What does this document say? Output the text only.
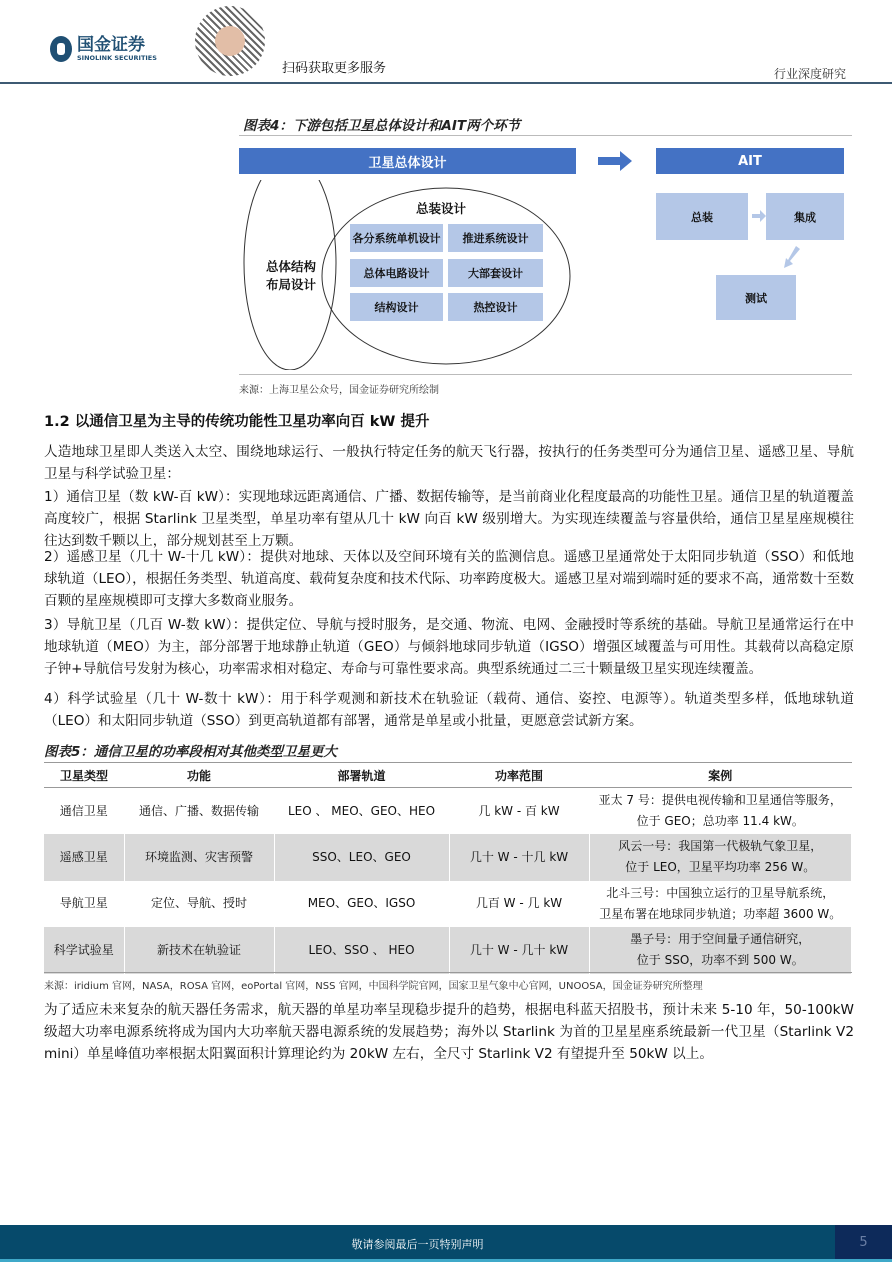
国金证券
SINOLINK SECURITIES
扫码获取更多服务	行业深度研究
图表4：下游包括卫星总体设计和AIT两个环节
卫星总体设计	AIT
总体结构
布局设计
总装设计
各分系统单机设计	推进系统设计
总体电路设计	大部套设计
结构设计	热控设计
总装	集成
测试
来源：上海卫星公众号，国金证券研究所绘制
1.2 以通信卫星为主导的传统功能性卫星功率向百 kW 提升
人造地球卫星即人类送入太空、围绕地球运行、一般执行特定任务的航天飞行器，按执行的任务类型可分为通信卫星、遥感卫星、导航卫星与科学试验卫星：
1）通信卫星（数 kW-百 kW）：实现地球远距离通信、广播、数据传输等，是当前商业化程度最高的功能性卫星。通信卫星的轨道覆盖高度较广，根据 Starlink 卫星类型，单星功率有望从几十 kW 向百 kW 级别增大。为实现连续覆盖与容量供给，通信卫星星座规模往往达到数千颗以上，部分规划甚至上万颗。
2）遥感卫星（几十 W-十几 kW）：提供对地球、天体以及空间环境有关的监测信息。遥感卫星通常处于太阳同步轨道（SSO）和低地球轨道（LEO），根据任务类型、轨道高度、载荷复杂度和技术代际、功率跨度极大。遥感卫星对端到端时延的要求不高，通常数十至数百颗的星座规模即可支撑大多数商业服务。
3）导航卫星（几百 W-数 kW）：提供定位、导航与授时服务，是交通、物流、电网、金融授时等系统的基础。导航卫星通常运行在中地球轨道（MEO）为主，部分部署于地球静止轨道（GEO）与倾斜地球同步轨道（IGSO）增强区域覆盖与可用性。其载荷以高稳定原子钟+导航信号发射为核心，功率需求相对稳定、寿命与可靠性要求高。典型系统通过二三十颗量级卫星实现连续覆盖。
4）科学试验星（几十 W-数十 kW）：用于科学观测和新技术在轨验证（载荷、通信、姿控、电源等）。轨道类型多样，低地球轨道（LEO）和太阳同步轨道（SSO）到更高轨道都有部署，通常是单星或小批量，更愿意尝试新方案。
图表5：通信卫星的功率段相对其他类型卫星更大
卫星类型	功能	部署轨道	功率范围	案例
通信卫星	通信、广播、数据传输	LEO 、 MEO、GEO、HEO	几 kW - 百 kW	亚太 7 号：提供电视传输和卫星通信等服务，
位于 GEO；总功率 11.4 kW。

遥感卫星	环境监测、灾害预警	SSO、LEO、GEO	几十 W - 十几 kW	风云一号：我国第一代极轨气象卫星，
位于 LEO，卫星平均功率 256 W。

导航卫星	定位、导航、授时	MEO、GEO、IGSO	几百 W - 几 kW	北斗三号：中国独立运行的卫星导航系统，
卫星布署在地球同步轨道；功率超 3600 W。

科学试验星	新技术在轨验证	LEO、SSO 、 HEO	几十 W - 几十 kW	墨子号：用于空间量子通信研究，
位于 SSO，功率不到 500 W。
来源：iridium 官网，NASA，ROSA 官网，eoPortal 官网，NSS 官网，中国科学院官网，国家卫星气象中心官网，UNOOSA，国金证券研究所整理
为了适应未来复杂的航天器任务需求，航天器的单星功率呈现稳步提升的趋势，根据电科蓝天招股书，预计未来 5-10 年，50-100kW 级超大功率电源系统将成为国内大功率航天器电源系统的发展趋势；海外以 Starlink 为首的卫星星座系统最新一代卫星（Starlink V2 mini）单星峰值功率根据太阳翼面积计算理论约为 20kW 左右，全尺寸 Starlink V2 有望提升至 50kW 以上。
敬请参阅最后一页特别声明	5
